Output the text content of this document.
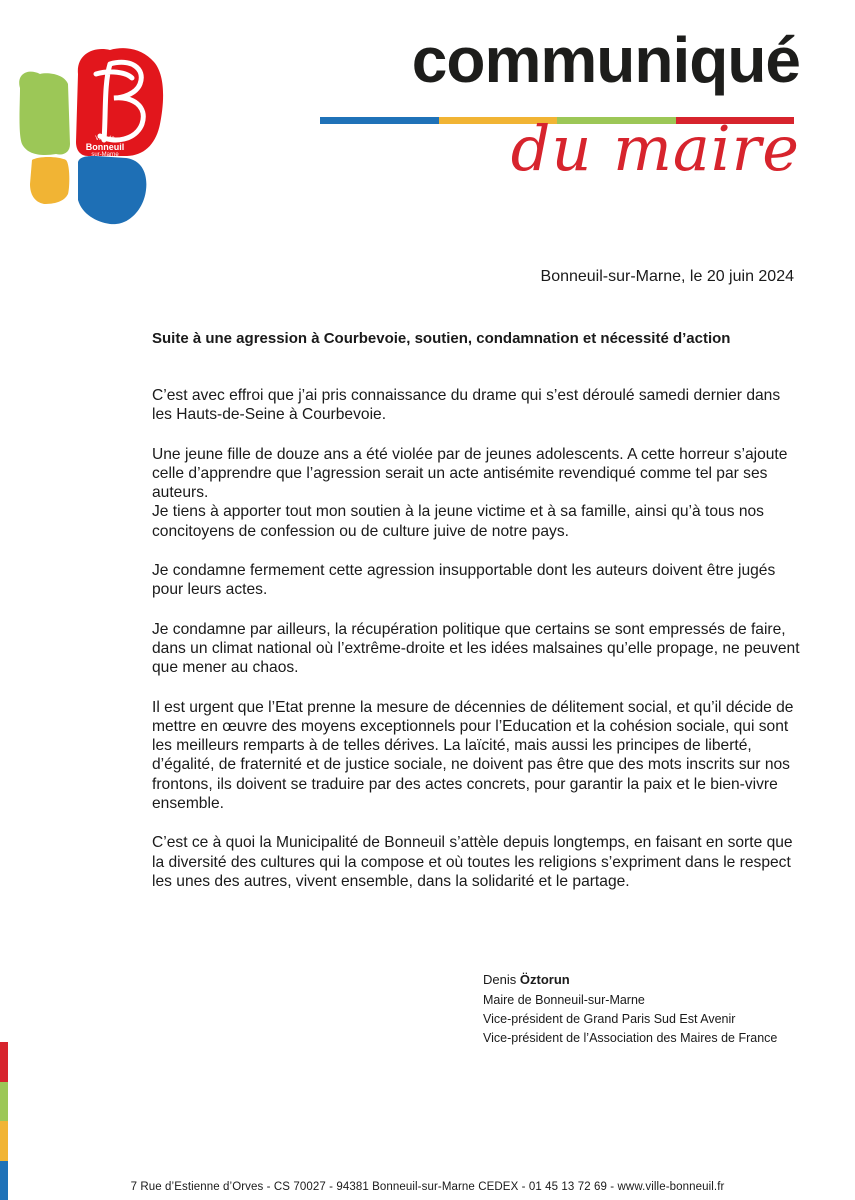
Ville de
Bonneuil
sur-Marne
communiqué
du maire
Bonneuil-sur-Marne, le 20 juin 2024
Suite à une agression à Courbevoie, soutien, condamnation et nécessité d’action

C’est avec effroi que j’ai pris connaissance du drame qui s’est déroulé samedi dernier dans les Hauts-de-Seine à Courbevoie.

Une jeune fille de douze ans a été violée par de jeunes adolescents. A cette horreur s’ajoute celle d’apprendre que l’agression serait un acte antisémite revendiqué comme tel par ses auteurs.

Je tiens à apporter tout mon soutien à la jeune victime et à sa famille, ainsi qu’à tous nos concitoyens de confession ou de culture juive de notre pays.

Je condamne fermement cette agression insupportable dont les auteurs doivent être jugés pour leurs actes.

Je condamne par ailleurs, la récupération politique que certains se sont empressés de faire, dans un climat national où l’extrême-droite et les idées malsaines qu’elle propage, ne peuvent que mener au chaos.

Il est urgent que l’Etat prenne la mesure de décennies de délitement social, et qu’il décide de mettre en œuvre des moyens exceptionnels pour l’Education et la cohésion sociale, qui sont les meilleurs remparts à de telles dérives. La laïcité, mais aussi les principes de liberté, d’égalité, de fraternité et de justice sociale, ne doivent pas être que des mots inscrits sur nos frontons, ils doivent se traduire par des actes concrets, pour garantir la paix et le bien-vivre ensemble.

C’est ce à quoi la Municipalité de Bonneuil s’attèle depuis longtemps, en faisant en sorte que la diversité des cultures qui la compose et où toutes les religions s’expriment dans le respect les unes des autres, vivent ensemble, dans la solidarité et le partage.

Denis Öztorun
Maire de Bonneuil-sur-Marne
Vice-président de Grand Paris Sud Est Avenir
Vice-président de l’Association des Maires de France
7 Rue d’Estienne d’Orves - CS 70027 - 94381 Bonneuil-sur-Marne CEDEX - 01 45 13 72 69 - www.ville-bonneuil.fr
